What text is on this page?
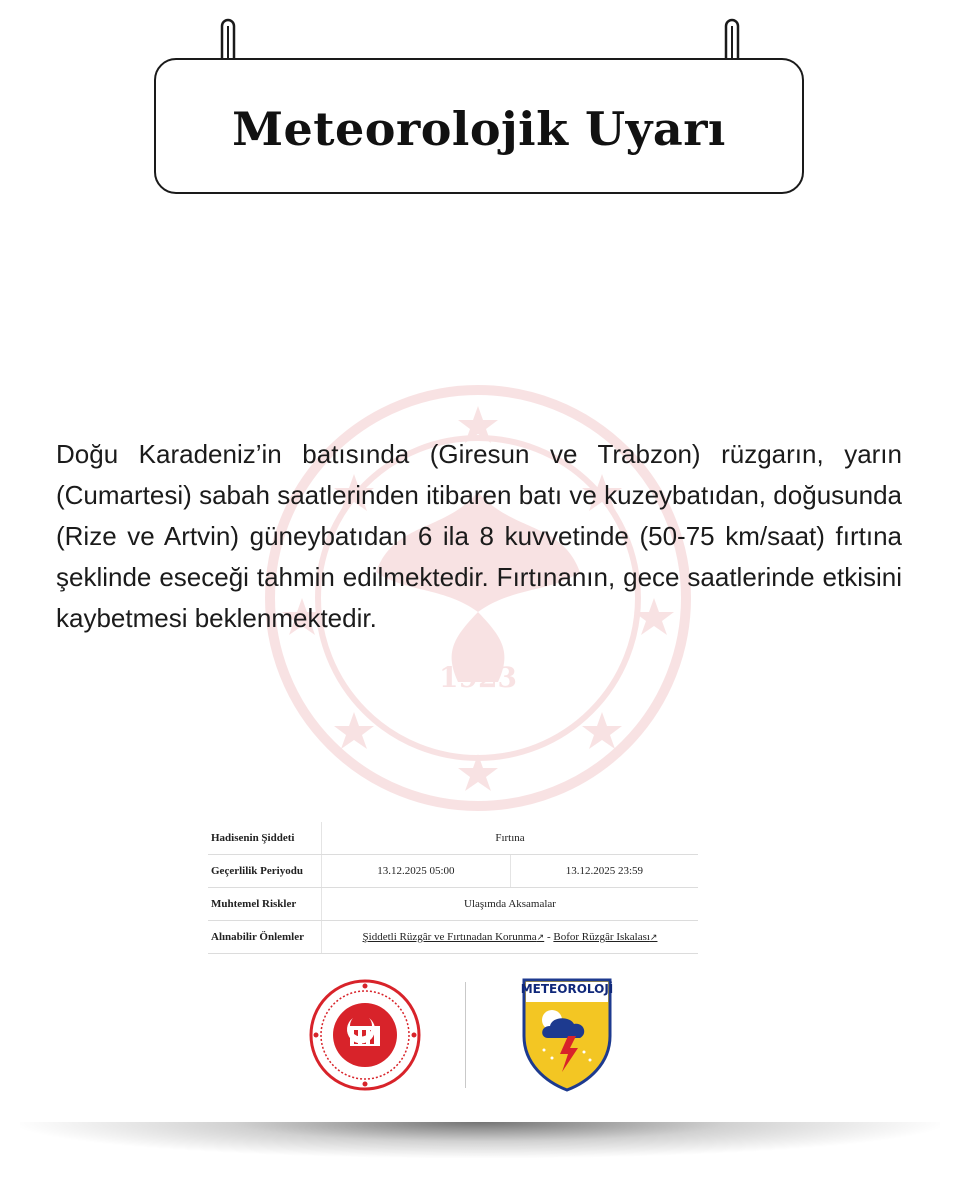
Meteorolojik Uyarı
1923

Doğu Karadeniz’in batısında (Giresun ve Trabzon) rüzgarın, yarın (Cumartesi) sabah saatlerinden itibaren batı ve kuzeybatıdan, doğusunda (Rize ve Artvin) güneybatıdan 6 ila 8 kuvvetinde (50-75 km/saat) fırtına şeklinde eseceği tahmin edilmektedir. Fırtınanın, gece saatlerinde etkisini kaybetmesi beklenmektedir.

Hadisenin Şiddeti	Fırtına	
Geçerlilik Periyodu	13.12.2025 05:00	13.12.2025 23:59
Muhtemel Riskler	Ulaşımda Aksamalar	
Alınabilir Önlemler	Şiddetli Rüzgâr ve Fırtınadan Korunma↗ - Bofor Rüzgâr Iskalası↗	
METEOROLOJİ
